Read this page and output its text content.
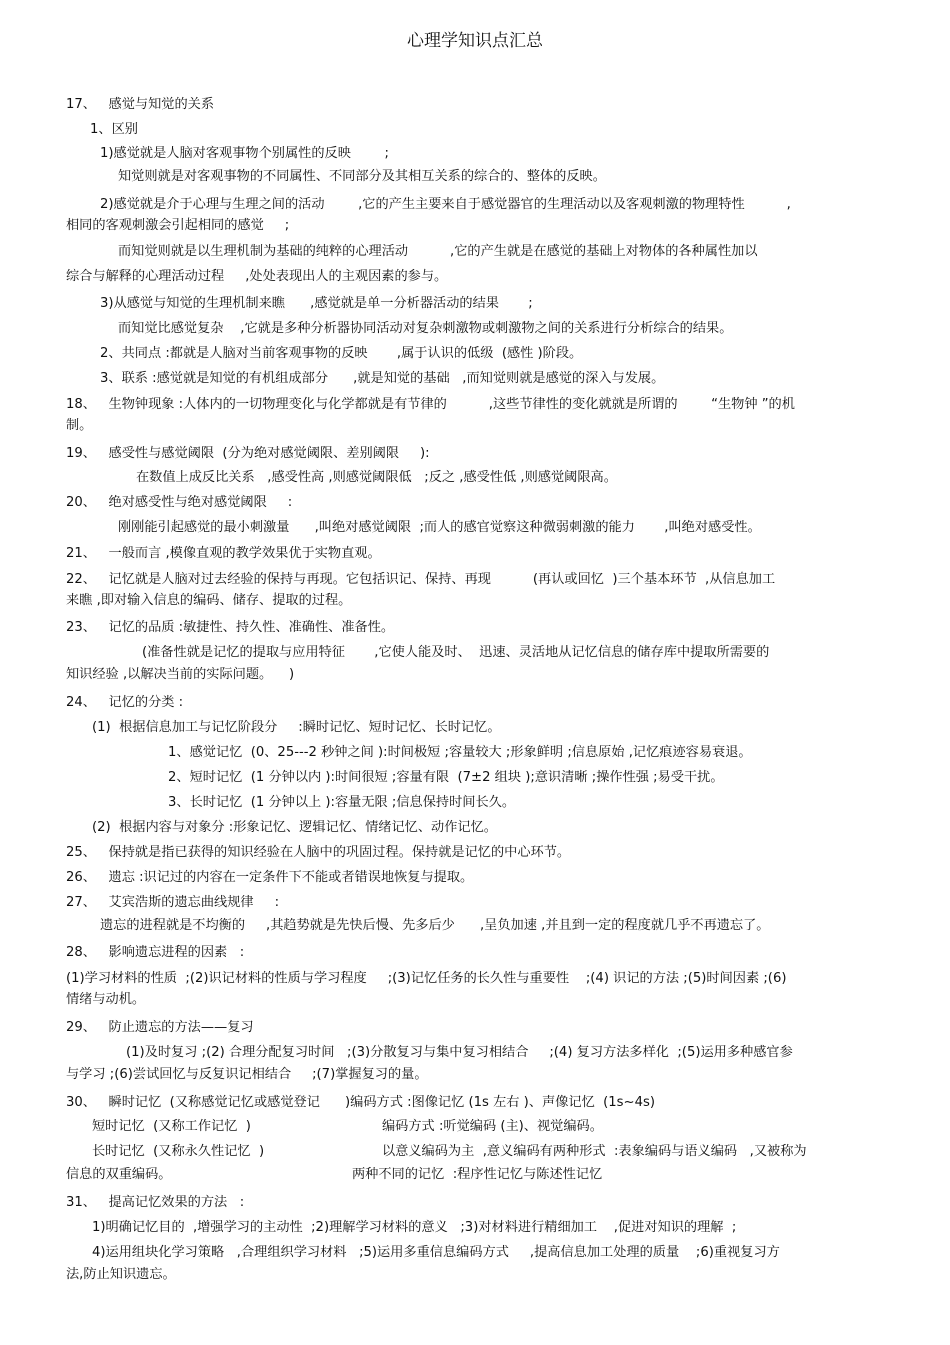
心理学知识点汇总
17、   感觉与知觉的关系
1、区别
1)感觉就是人脑对客观事物个别属性的反映        ;
知觉则就是对客观事物的不同属性、不同部分及其相互关系的综合的、整体的反映。
2)感觉就是介于心理与生理之间的活动        ,它的产生主要来自于感觉器官的生理活动以及客观刺激的物理特性          ,
相同的客观刺激会引起相同的感觉     ;
而知觉则就是以生理机制为基础的纯粹的心理活动          ,它的产生就是在感觉的基础上对物体的各种属性加以
综合与解释的心理活动过程     ,处处表现出人的主观因素的参与。
3)从感觉与知觉的生理机制来瞧      ,感觉就是单一分析器活动的结果       ;
而知觉比感觉复杂    ,它就是多种分析器协同活动对复杂刺激物或刺激物之间的关系进行分析综合的结果。
2、共同点 :都就是人脑对当前客观事物的反映       ,属于认识的低级  (感性 )阶段。
3、联系 :感觉就是知觉的有机组成部分      ,就是知觉的基础   ,而知觉则就是感觉的深入与发展。
18、   生物钟现象 :人体内的一切物理变化与化学都就是有节律的          ,这些节律性的变化就就是所谓的        “生物钟 ”的机
制。
19、   感受性与感觉阈限  (分为绝对感觉阈限、差别阈限     ):
在数值上成反比关系   ,感受性高 ,则感觉阈限低   ;反之 ,感受性低 ,则感觉阈限高。
20、   绝对感受性与绝对感觉阈限     :
刚刚能引起感觉的最小刺激量      ,叫绝对感觉阈限  ;而人的感官觉察这种微弱刺激的能力       ,叫绝对感受性。
21、   一般而言 ,模像直观的教学效果优于实物直观。
22、   记忆就是人脑对过去经验的保持与再现。它包括识记、保持、再现          (再认或回忆  )三个基本环节  ,从信息加工
来瞧 ,即对输入信息的编码、储存、提取的过程。
23、   记忆的品质 :敏捷性、持久性、准确性、准备性。
(准备性就是记忆的提取与应用特征       ,它使人能及时、  迅速、灵活地从记忆信息的储存库中提取所需要的
知识经验 ,以解决当前的实际问题。    )
24、   记忆的分类 :
(1)  根据信息加工与记忆阶段分     :瞬时记忆、短时记忆、长时记忆。
1、感觉记忆  (0、25---2 秒钟之间 ):时间极短 ;容量较大 ;形象鲜明 ;信息原始 ,记忆痕迹容易衰退。
2、短时记忆  (1 分钟以内 ):时间很短 ;容量有限  (7±2 组块 );意识清晰 ;操作性强 ;易受干扰。
3、长时记忆  (1 分钟以上 ):容量无限 ;信息保持时间长久。
(2)  根据内容与对象分 :形象记忆、逻辑记忆、情绪记忆、动作记忆。
25、   保持就是指已获得的知识经验在人脑中的巩固过程。保持就是记忆的中心环节。
26、   遗忘 :识记过的内容在一定条件下不能或者错误地恢复与提取。
27、   艾宾浩斯的遗忘曲线规律     :
遗忘的进程就是不均衡的     ,其趋势就是先快后慢、先多后少      ,呈负加速 ,并且到一定的程度就几乎不再遗忘了。
28、   影响遗忘进程的因素   :
(1)学习材料的性质  ;(2)识记材料的性质与学习程度     ;(3)记忆任务的长久性与重要性    ;(4) 识记的方法 ;(5)时间因素 ;(6)
情绪与动机。
29、   防止遗忘的方法——复习
(1)及时复习 ;(2) 合理分配复习时间   ;(3)分散复习与集中复习相结合     ;(4) 复习方法多样化  ;(5)运用多种感官参
与学习 ;(6)尝试回忆与反复识记相结合     ;(7)掌握复习的量。
30、   瞬时记忆  (又称感觉记忆或感觉登记      )编码方式 :图像记忆 (1s 左右 )、声像记忆  (1s~4s)
短时记忆  (又称工作记忆  )	编码方式 :听觉编码 (主)、视觉编码。
长时记忆  (又称永久性记忆  )	以意义编码为主  ,意义编码有两种形式  :表象编码与语义编码   ,又被称为
信息的双重编码。	两种不同的记忆  :程序性记忆与陈述性记忆
31、   提高记忆效果的方法   :
1)明确记忆目的  ,增强学习的主动性  ;2)理解学习材料的意义   ;3)对材料进行精细加工    ,促进对知识的理解  ;
4)运用组块化学习策略   ,合理组织学习材料   ;5)运用多重信息编码方式     ,提高信息加工处理的质量    ;6)重视复习方
法,防止知识遗忘。
